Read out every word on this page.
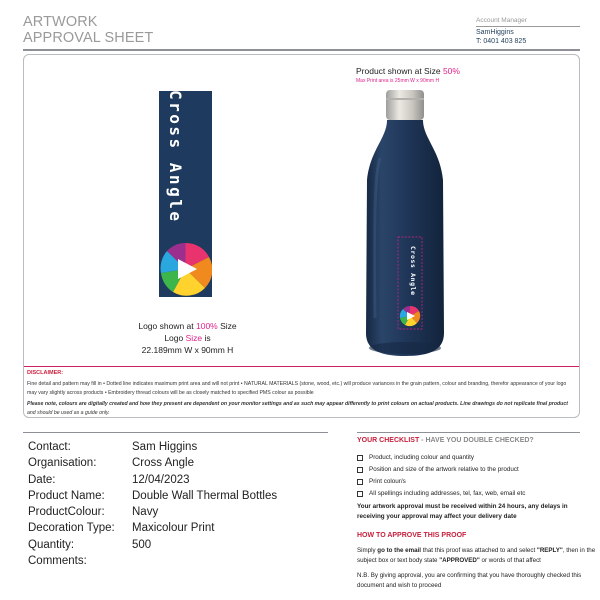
ARTWORK
APPROVAL SHEET
Account Manager
SamHiggins
T: 0401 403 825
Cross Angle
Logo shown at 100% Size
Logo Size is
22.189mm W x 90mm H
Product shown at Size 50%
Max Print area is 25mm W x 90mm H
Cross Angle
DISCLAIMER:
Fine detail and pattern may fill in • Dotted line indicates maximum print area and will not print • NATURAL MATERIALS (stone, wood, etc.) will produce variances in the grain pattern, colour and branding, therefor appearance of your logo may vary slightly across products • Embroidery thread colours will be as closely matched to specified PMS colour as possible
Please note, colours are digitally created and how they present are dependent on your monitor settings and as such may appear differently to print colours on actual products. Line drawings do not replicate final product and should be used as a guide only.
Contact:	Sam Higgins
Organisation:	Cross Angle
Date:	12/04/2023
Product Name:	Double Wall Thermal Bottles
ProductColour:	Navy
Decoration Type:	Maxicolour Print
Quantity:	500
Comments:
YOUR CHECKLIST - HAVE YOU DOUBLE CHECKED?
Product, including colour and quantity
Position and size of the artwork relative to the product
Print colour/s
All spellings including addresses, tel, fax, web, email etc
Your artwork approval must be received within 24 hours, any delays in receiving your approval may affect your delivery date
HOW TO APPROVE THIS PROOF
Simply go to the email that this proof was attached to and select "REPLY", then in the subject box or text body state "APPROVED" or words of that affect
N.B. By giving approval, you are confirming that you have thoroughly checked this document and wish to proceed
